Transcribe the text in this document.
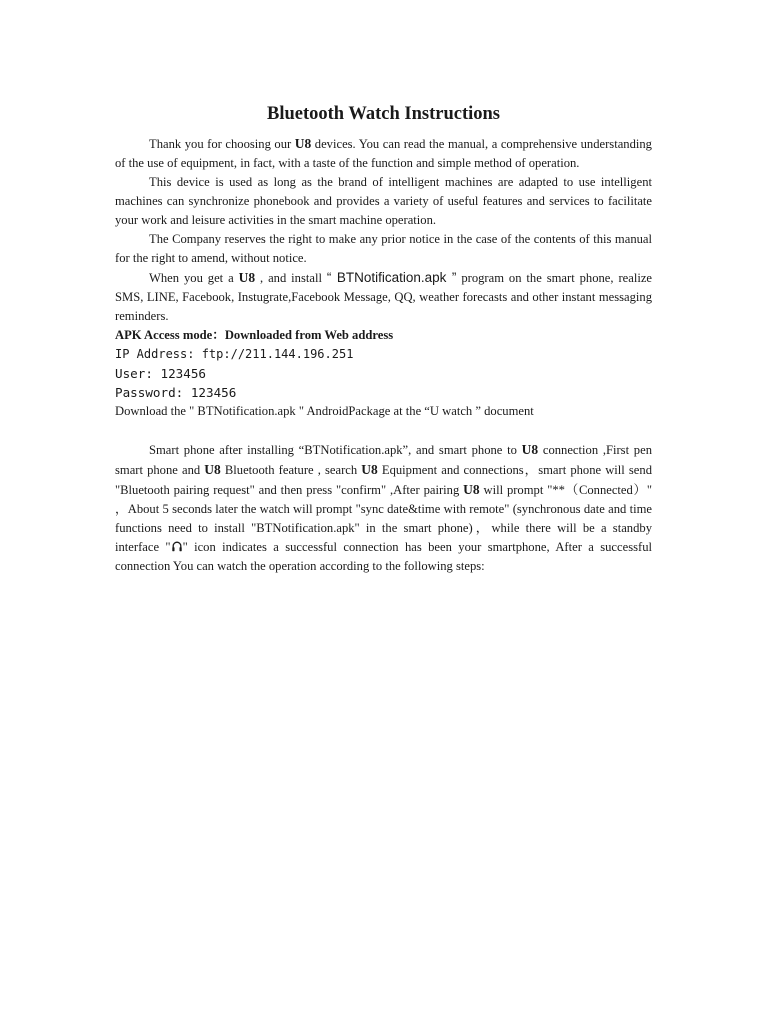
Bluetooth Watch Instructions

Thank you for choosing our U8 devices. You can read the manual, a comprehensive understanding of the use of equipment, in fact, with a taste of the function and simple method of operation.

This device is used as long as the brand of intelligent machines are adapted to use intelligent machines can synchronize phonebook and provides a variety of useful features and services to facilitate your work and leisure activities in the smart machine operation.

The Company reserves the right to make any prior notice in the case of the contents of this manual for the right to amend, without notice.

When you get a U8 , and install “ BTNotification.apk ” program on the smart phone, realize SMS, LINE, Facebook, Instugrate,Facebook Message, QQ, weather forecasts and other instant messaging reminders.

APK Access mode：Downloaded from Web address

IP Address: ftp://211.144.196.251

User: 123456

Password: 123456

Download the " BTNotification.apk " AndroidPackage at the “U watch ” document

Smart phone after installing “BTNotification.apk”, and smart phone to U8 connection ,First pen smart phone and U8 Bluetooth feature , search U8 Equipment and connections，smart phone will send "Bluetooth pairing request" and then press "confirm" ,After pairing U8 will prompt "**（Connected）" ，About 5 seconds later the watch will prompt "sync date&time with remote" (synchronous date and time functions need to install "BTNotification.apk" in the smart phone)，while there will be a standby interface " " icon indicates a successful connection has been your smartphone, After a successful connection You can watch the operation according to the following steps:
